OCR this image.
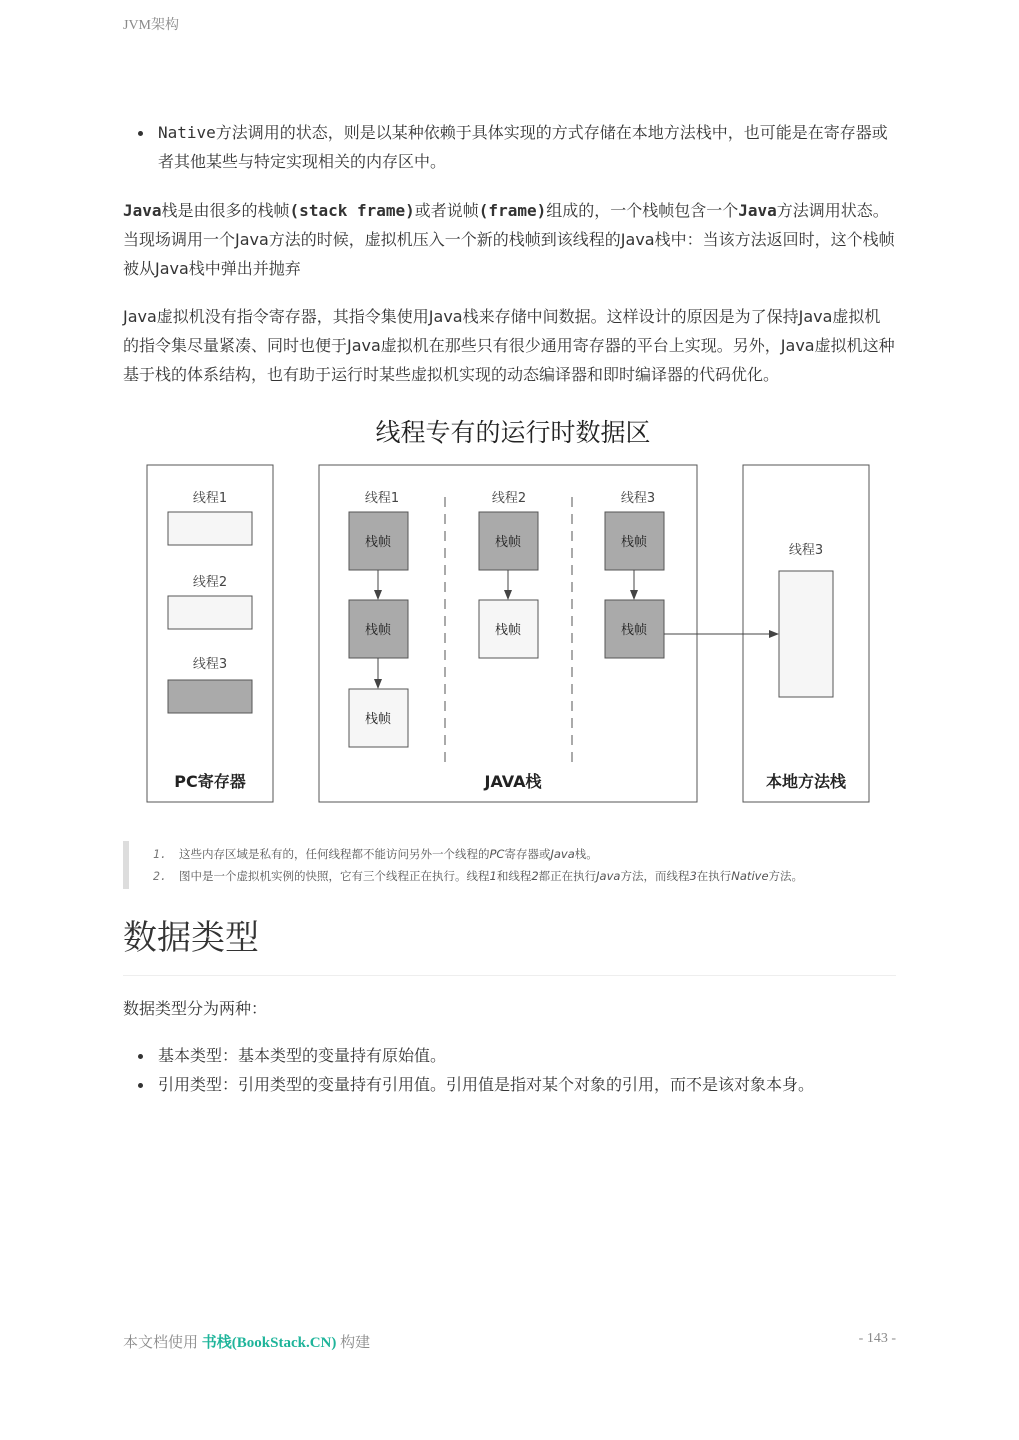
JVM架构
Native方法调用的状态，则是以某种依赖于具体实现的方式存储在本地方法栈中，也可能是在寄存器或者其他某些与特定实现相关的内存区中。

Java栈是由很多的栈帧(stack frame)或者说帧(frame)组成的，一个栈帧包含一个Java方法调用状态。 当现场调用一个Java方法的时候，虚拟机压入一个新的栈帧到该线程的Java栈中：当该方法返回时，这个栈帧被从Java栈中弹出并抛弃

Java虚拟机没有指令寄存器，其指令集使用Java栈来存储中间数据。这样设计的原因是为了保持Java虚拟机的指令集尽量紧凑、同时也便于Java虚拟机在那些只有很少通用寄存器的平台上实现。另外，Java虚拟机这种基于栈的体系结构，也有助于运行时某些虚拟机实现的动态编译器和即时编译器的代码优化。

线程专有的运行时数据区
PC寄存器	JAVA栈	本地方法栈
线程1
线程2
线程3
线程1	线程2	线程3
栈帧
栈帧
栈帧
栈帧
栈帧
栈帧
栈帧
线程3
1. 这些内存区域是私有的，任何线程都不能访问另外一个线程的PC寄存器或Java栈。
2. 图中是一个虚拟机实例的快照，它有三个线程正在执行。线程1和线程2都正在执行Java方法，而线程3在执行Native方法。
数据类型

数据类型分为两种：

基本类型：基本类型的变量持有原始值。
引用类型：引用类型的变量持有引用值。引用值是指对某个对象的引用，而不是该对象本身。
本文档使用 书栈(BookStack.CN) 构建	- 143 -
